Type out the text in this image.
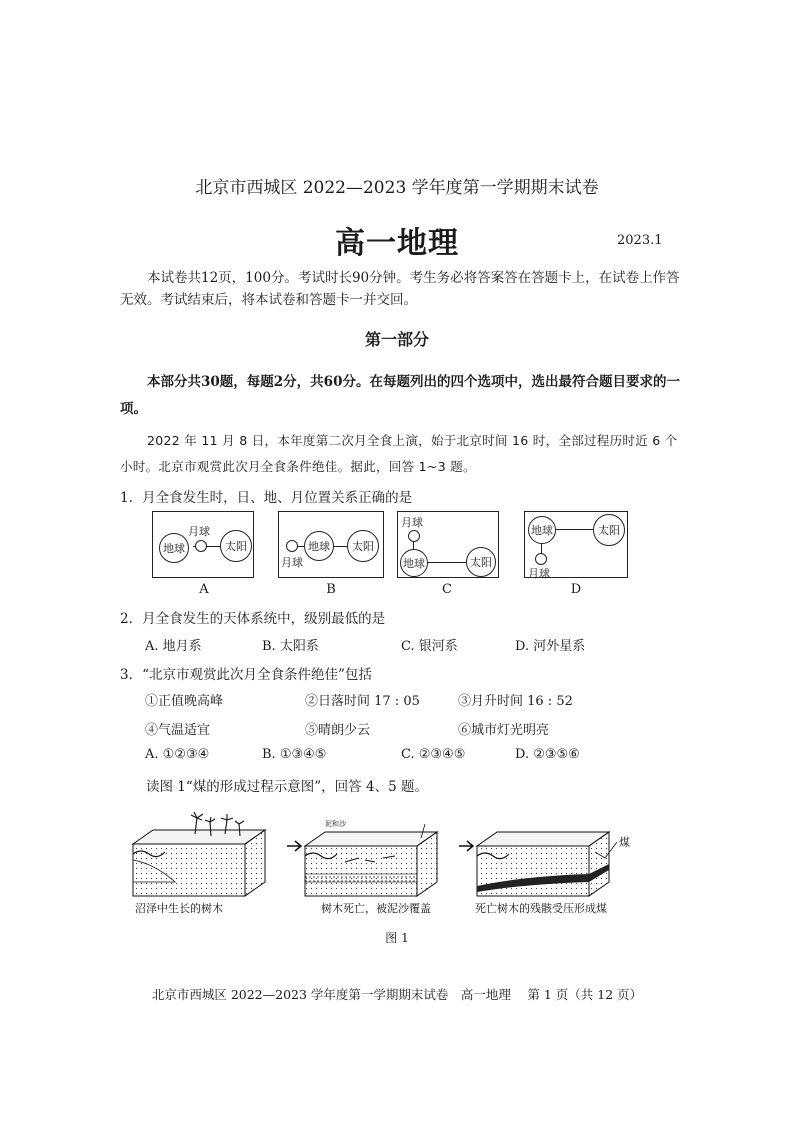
北京市西城区 2022—2023 学年度第一学期期末试卷
高一地理	2023.1
本试卷共12页，100分。考试时长90分钟。考生务必将答案答在答题卡上，在试卷上作答无效。考试结束后，将本试卷和答题卡一并交回。
第一部分
本部分共30题，每题2分，共60分。在每题列出的四个选项中，选出最符合题目要求的一项。
2022 年 11 月 8 日，本年度第二次月全食上演，始于北京时间 16 时，全部过程历时近 6 个小时。北京市观赏此次月全食条件绝佳。据此，回答 1~3 题。
1．月全食发生时，日、地、月位置关系正确的是
地球
月球
太阳
A
月球
地球	太阳
B
月球
地球	太阳
C
地球	太阳
月球
D
2．月全食发生的天体系统中，级别最低的是
A. 地月系	B. 太阳系	C. 银河系	D. 河外星系
3．“北京市观赏此次月全食条件绝佳”包括
①正值晚高峰	②日落时间 17 : 05	③月升时间 16 : 52
④气温适宜	⑤晴朗少云	⑥城市灯光明亮
A. ①②③④	B. ①③④⑤	C. ②③④⑤	D. ②③⑤⑥
读图 1“煤的形成过程示意图”，回答 4、5 题。
泥和沙
煤
沼泽中生长的树木	树木死亡，被泥沙覆盖	死亡树木的残骸受压形成煤
图 1
北京市西城区 2022—2023 学年度第一学期期末试卷　高一地理　 第 1 页（共 12 页）
